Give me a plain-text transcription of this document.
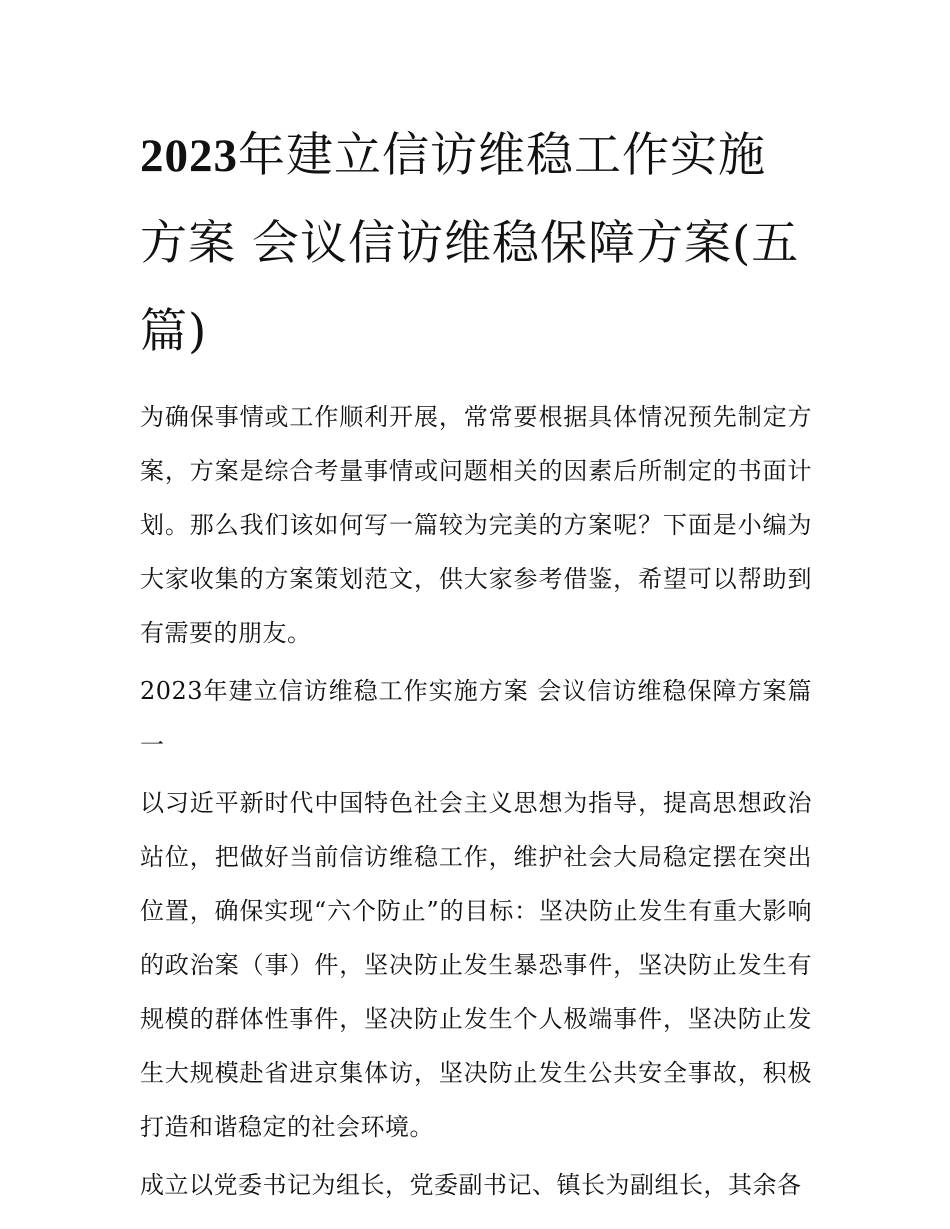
2023年建立信访维稳工作实施方案 会议信访维稳保障方案(五篇)

为确保事情或工作顺利开展，常常要根据具体情况预先制定方案，方案是综合考量事情或问题相关的因素后所制定的书面计划。那么我们该如何写一篇较为完美的方案呢？下面是小编为大家收集的方案策划范文，供大家参考借鉴，希望可以帮助到有需要的朋友。

2023年建立信访维稳工作实施方案 会议信访维稳保障方案篇一

以习近平新时代中国特色社会主义思想为指导，提高思想政治站位，把做好当前信访维稳工作，维护社会大局稳定摆在突出位置，确保实现“六个防止”的目标：坚决防止发生有重大影响的政治案（事）件，坚决防止发生暴恐事件，坚决防止发生有规模的群体性事件，坚决防止发生个人极端事件，坚决防止发生大规模赴省进京集体访，坚决防止发生公共安全事故，积极打造和谐稳定的社会环境。

成立以党委书记为组长，党委副书记、镇长为副组长，其余各
